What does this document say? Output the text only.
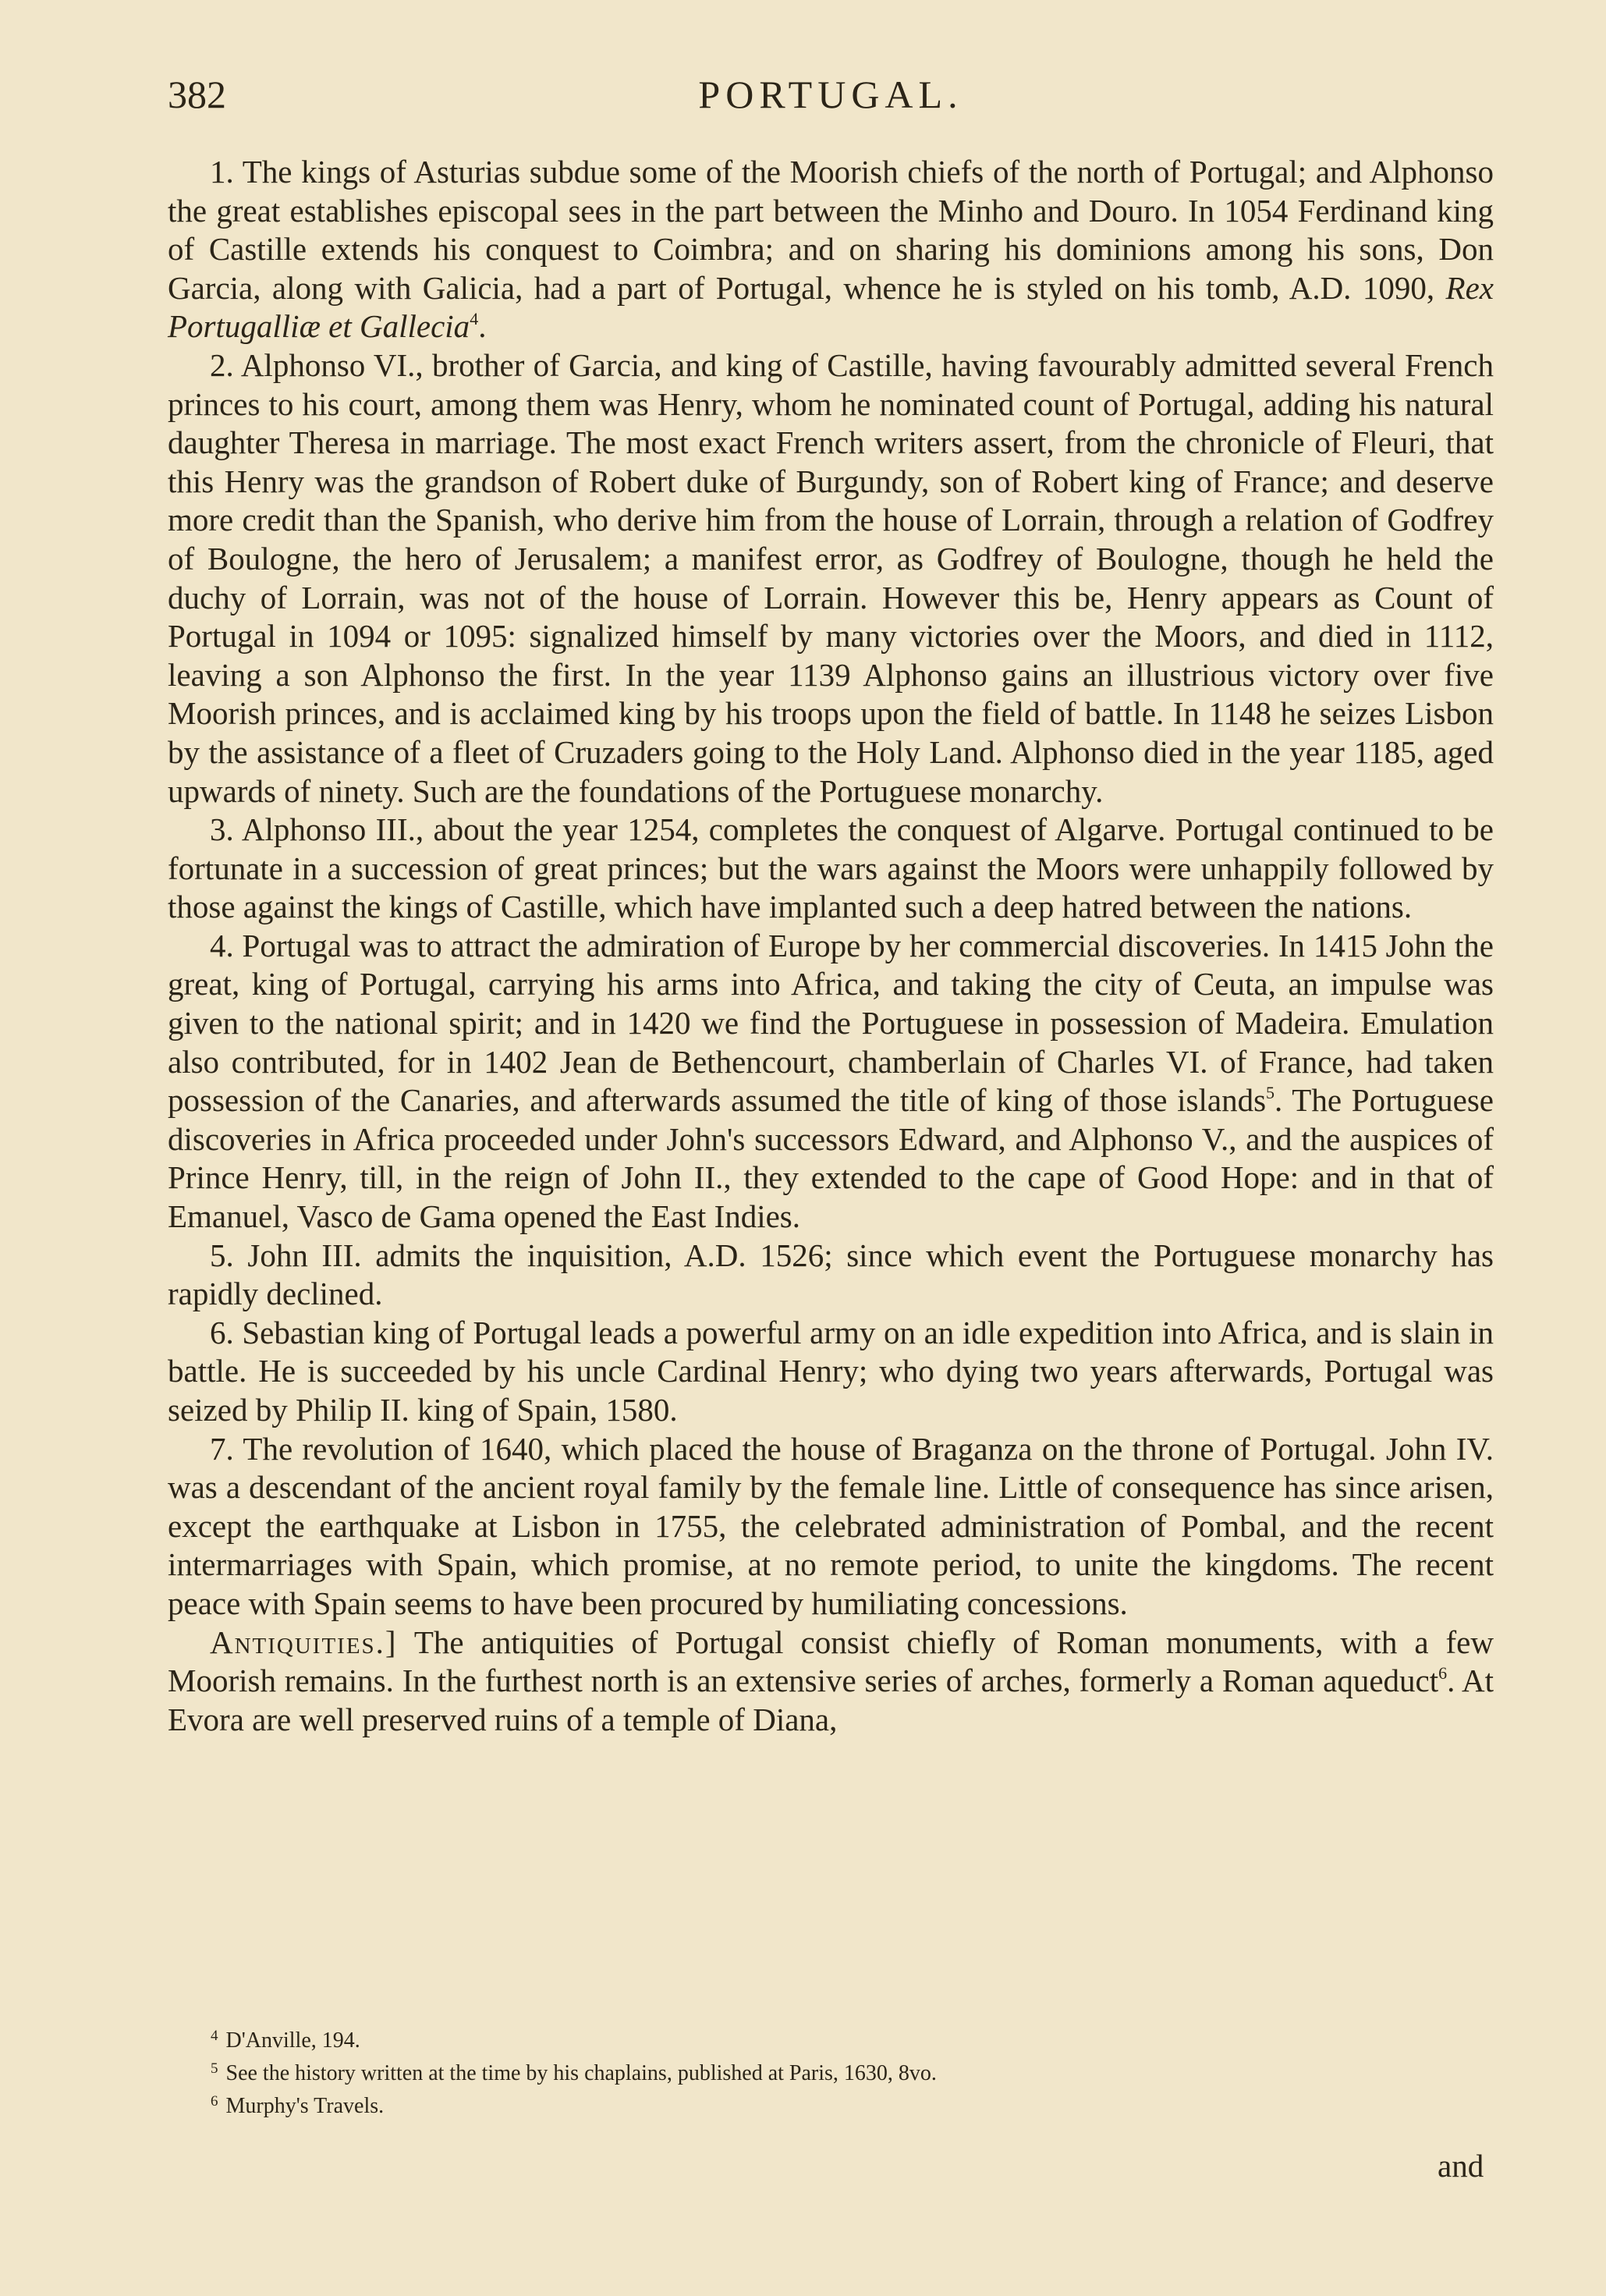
382	PORTUGAL.

1. The kings of Asturias subdue some of the Moorish chiefs of the north of Portugal; and Alphonso the great establishes episcopal sees in the part between the Minho and Douro. In 1054 Ferdinand king of Castille extends his conquest to Coimbra; and on sharing his dominions among his sons, Don Garcia, along with Galicia, had a part of Portugal, whence he is styled on his tomb, A.D. 1090, Rex Portugalliæ et Gallecia$^4$.

2. Alphonso VI., brother of Garcia, and king of Castille, having favourably admitted several French princes to his court, among them was Henry, whom he nominated count of Portugal, adding his natural daughter Theresa in marriage. The most exact French writers assert, from the chronicle of Fleuri, that this Henry was the grandson of Robert duke of Burgundy, son of Robert king of France; and deserve more credit than the Spanish, who derive him from the house of Lorrain, through a relation of Godfrey of Boulogne, the hero of Jerusalem; a manifest error, as Godfrey of Boulogne, though he held the duchy of Lorrain, was not of the house of Lorrain. However this be, Henry appears as Count of Portugal in 1094 or 1095: signalized himself by many victories over the Moors, and died in 1112, leaving a son Alphonso the first. In the year 1139 Alphonso gains an illustrious victory over five Moorish princes, and is acclaimed king by his troops upon the field of battle. In 1148 he seizes Lisbon by the assistance of a fleet of Cruzaders going to the Holy Land. Alphonso died in the year 1185, aged upwards of ninety. Such are the foundations of the Portuguese monarchy.

3. Alphonso III., about the year 1254, completes the conquest of Algarve. Portugal continued to be fortunate in a succession of great princes; but the wars against the Moors were unhappily followed by those against the kings of Castille, which have implanted such a deep hatred between the nations.

4. Portugal was to attract the admiration of Europe by her commercial discoveries. In 1415 John the great, king of Portugal, carrying his arms into Africa, and taking the city of Ceuta, an impulse was given to the national spirit; and in 1420 we find the Portuguese in possession of Madeira. Emulation also contributed, for in 1402 Jean de Bethencourt, chamberlain of Charles VI. of France, had taken possession of the Canaries, and afterwards assumed the title of king of those islands$^5$. The Portuguese discoveries in Africa proceeded under John's successors Edward, and Alphonso V., and the auspices of Prince Henry, till, in the reign of John II., they extended to the cape of Good Hope: and in that of Emanuel, Vasco de Gama opened the East Indies.

5. John III. admits the inquisition, A.D. 1526; since which event the Portuguese monarchy has rapidly declined.

6. Sebastian king of Portugal leads a powerful army on an idle expedition into Africa, and is slain in battle. He is succeeded by his uncle Cardinal Henry; who dying two years afterwards, Portugal was seized by Philip II. king of Spain, 1580.

7. The revolution of 1640, which placed the house of Braganza on the throne of Portugal. John IV. was a descendant of the ancient royal family by the female line. Little of consequence has since arisen, except the earthquake at Lisbon in 1755, the celebrated administration of Pombal, and the recent intermarriages with Spain, which promise, at no remote period, to unite the kingdoms. The recent peace with Spain seems to have been procured by humiliating concessions.

Antiquities.] The antiquities of Portugal consist chiefly of Roman monuments, with a few Moorish remains. In the furthest north is an extensive series of arches, formerly a Roman aqueduct$^6$. At Evora are well preserved ruins of a temple of Diana,

$^4$ D'Anville, 194.

$^5$ See the history written at the time by his chaplains, published at Paris, 1630, 8vo.

$^6$ Murphy's Travels.

and
